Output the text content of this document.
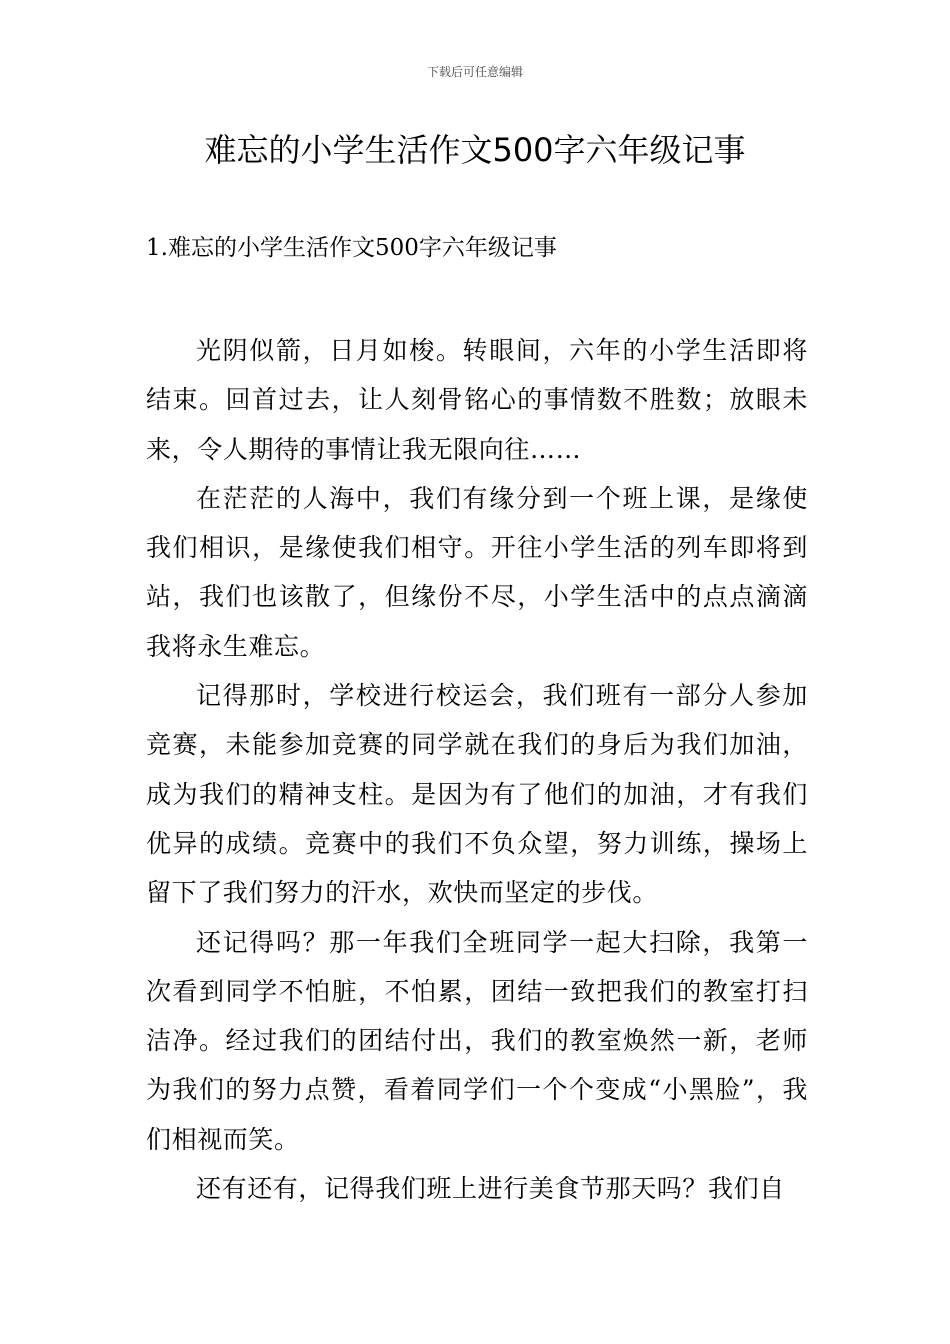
下载后可任意编辑
难忘的小学生活作文500字六年级记事
1.难忘的小学生活作文500字六年级记事

光阴似箭，日月如梭。转眼间，六年的小学生活即将结束。回首过去，让人刻骨铭心的事情数不胜数；放眼未来，令人期待的事情让我无限向往……

在茫茫的人海中，我们有缘分到一个班上课，是缘使我们相识，是缘使我们相守。开往小学生活的列车即将到站，我们也该散了，但缘份不尽，小学生活中的点点滴滴我将永生难忘。

记得那时，学校进行校运会，我们班有一部分人参加竞赛，未能参加竞赛的同学就在我们的身后为我们加油，成为我们的精神支柱。是因为有了他们的加油，才有我们优异的成绩。竞赛中的我们不负众望，努力训练，操场上留下了我们努力的汗水，欢快而坚定的步伐。

还记得吗？那一年我们全班同学一起大扫除，我第一次看到同学不怕脏，不怕累，团结一致把我们的教室打扫洁净。经过我们的团结付出，我们的教室焕然一新，老师为我们的努力点赞，看着同学们一个个变成“小黑脸”，我们相视而笑。

还有还有，记得我们班上进行美食节那天吗？我们自
